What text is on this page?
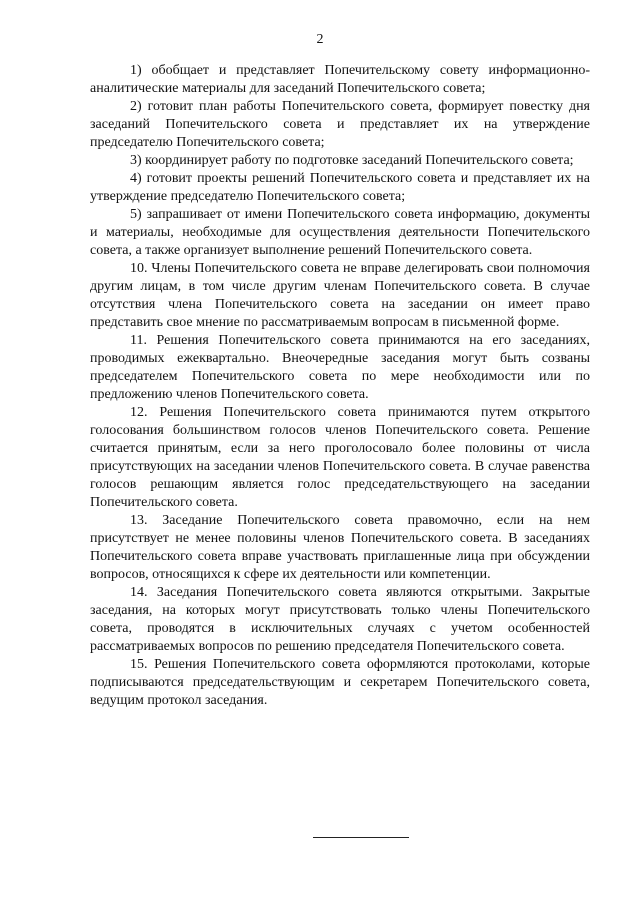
2

1) обобщает и представляет Попечительскому совету информационно-аналитические материалы для заседаний Попечительского совета;

2) готовит план работы Попечительского совета, формирует повестку дня заседаний Попечительского совета и представляет их на утверждение председателю Попечительского совета;

3) координирует работу по подготовке заседаний Попечительского совета;

4) готовит проекты решений Попечительского совета и представляет их на утверждение председателю Попечительского совета;

5) запрашивает от имени Попечительского совета информацию, документы и материалы, необходимые для осуществления деятельности Попечительского совета, а также организует выполнение решений Попечительского совета.

10. Члены Попечительского совета не вправе делегировать свои полномочия другим лицам, в том числе другим членам Попечительского совета. В случае отсутствия члена Попечительского совета на заседании он имеет право представить свое мнение по рассматриваемым вопросам в письменной форме.

11. Решения Попечительского совета принимаются на его заседаниях, проводимых ежеквартально. Внеочередные заседания могут быть созваны председателем Попечительского совета по мере необходимости или по предложению членов Попечительского совета.

12. Решения Попечительского совета принимаются путем открытого голосования большинством голосов членов Попечительского совета. Решение считается принятым, если за него проголосовало более половины от числа присутствующих на заседании членов Попечительского совета. В случае равенства голосов решающим является голос председательствующего на заседании Попечительского совета.

13. Заседание Попечительского совета правомочно, если на нем присутствует не менее половины членов Попечительского совета. В заседаниях Попечительского совета вправе участвовать приглашенные лица при обсуждении вопросов, относящихся к сфере их деятельности или компетенции.

14. Заседания Попечительского совета являются открытыми. Закрытые заседания, на которых могут присутствовать только члены Попечительского совета, проводятся в исключительных случаях с учетом особенностей рассматриваемых вопросов по решению председателя Попечительского совета.

15. Решения Попечительского совета оформляются протоколами, которые подписываются председательствующим и секретарем Попечительского совета, ведущим протокол заседания.
